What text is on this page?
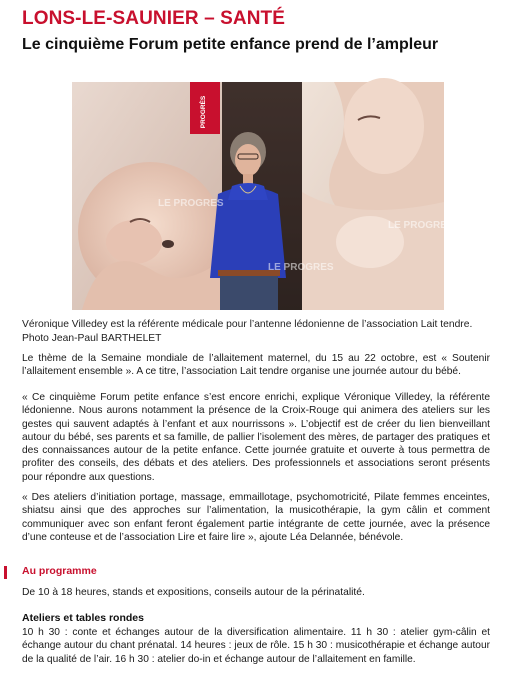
LONS-LE-SAUNIER – SANTÉ
Le cinquième Forum petite enfance prend de l’ampleur
PROGRÈS
LE PROGRES
LE PROGRES
LE PROGRES
Véronique Villedey est la référente médicale pour l’antenne lédonienne de l’association Lait tendre. Photo Jean-Paul BARTHELET
Le thème de la Semaine mondiale de l’allaitement maternel, du 15 au 22 octobre, est « Soutenir l’allaitement ensemble ». A ce titre, l’association Lait tendre organise une journée autour du bébé.
« Ce cinquième Forum petite enfance s’est encore enrichi, explique Véronique Villedey, la référente lédonienne. Nous aurons notamment la présence de la Croix-Rouge qui animera des ateliers sur les gestes qui sauvent adaptés à l’enfant et aux nourrissons ». L’objectif est de créer du lien bienveillant autour du bébé, ses parents et sa famille, de pallier l’isolement des mères, de partager des pratiques et des connaissances autour de la petite enfance. Cette journée gratuite et ouverte à tous permettra de profiter des conseils, des débats et des ateliers. Des professionnels et associations seront présents pour répondre aux questions.
« Des ateliers d’initiation portage, massage, emmaillotage, psychomotricité, Pilate femmes enceintes, shiatsu ainsi que des approches sur l’alimentation, la musicothérapie, la gym câlin et comment communiquer avec son enfant feront également partie intégrante de cette journée, avec la présence d’une conteuse et de l’association Lire et faire lire », ajoute Léa Delannée, bénévole.
Au programme
De 10 à 18 heures, stands et expositions, conseils autour de la périnatalité.
Ateliers et tables rondes
10 h 30 : conte et échanges autour de la diversification alimentaire. 11 h 30 : atelier gym-câlin et échange autour du chant prénatal. 14 heures : jeux de rôle. 15 h 30 : musicothérapie et échange autour de la qualité de l’air. 16 h 30 : atelier do-in et échange autour de l’allaitement en famille.
